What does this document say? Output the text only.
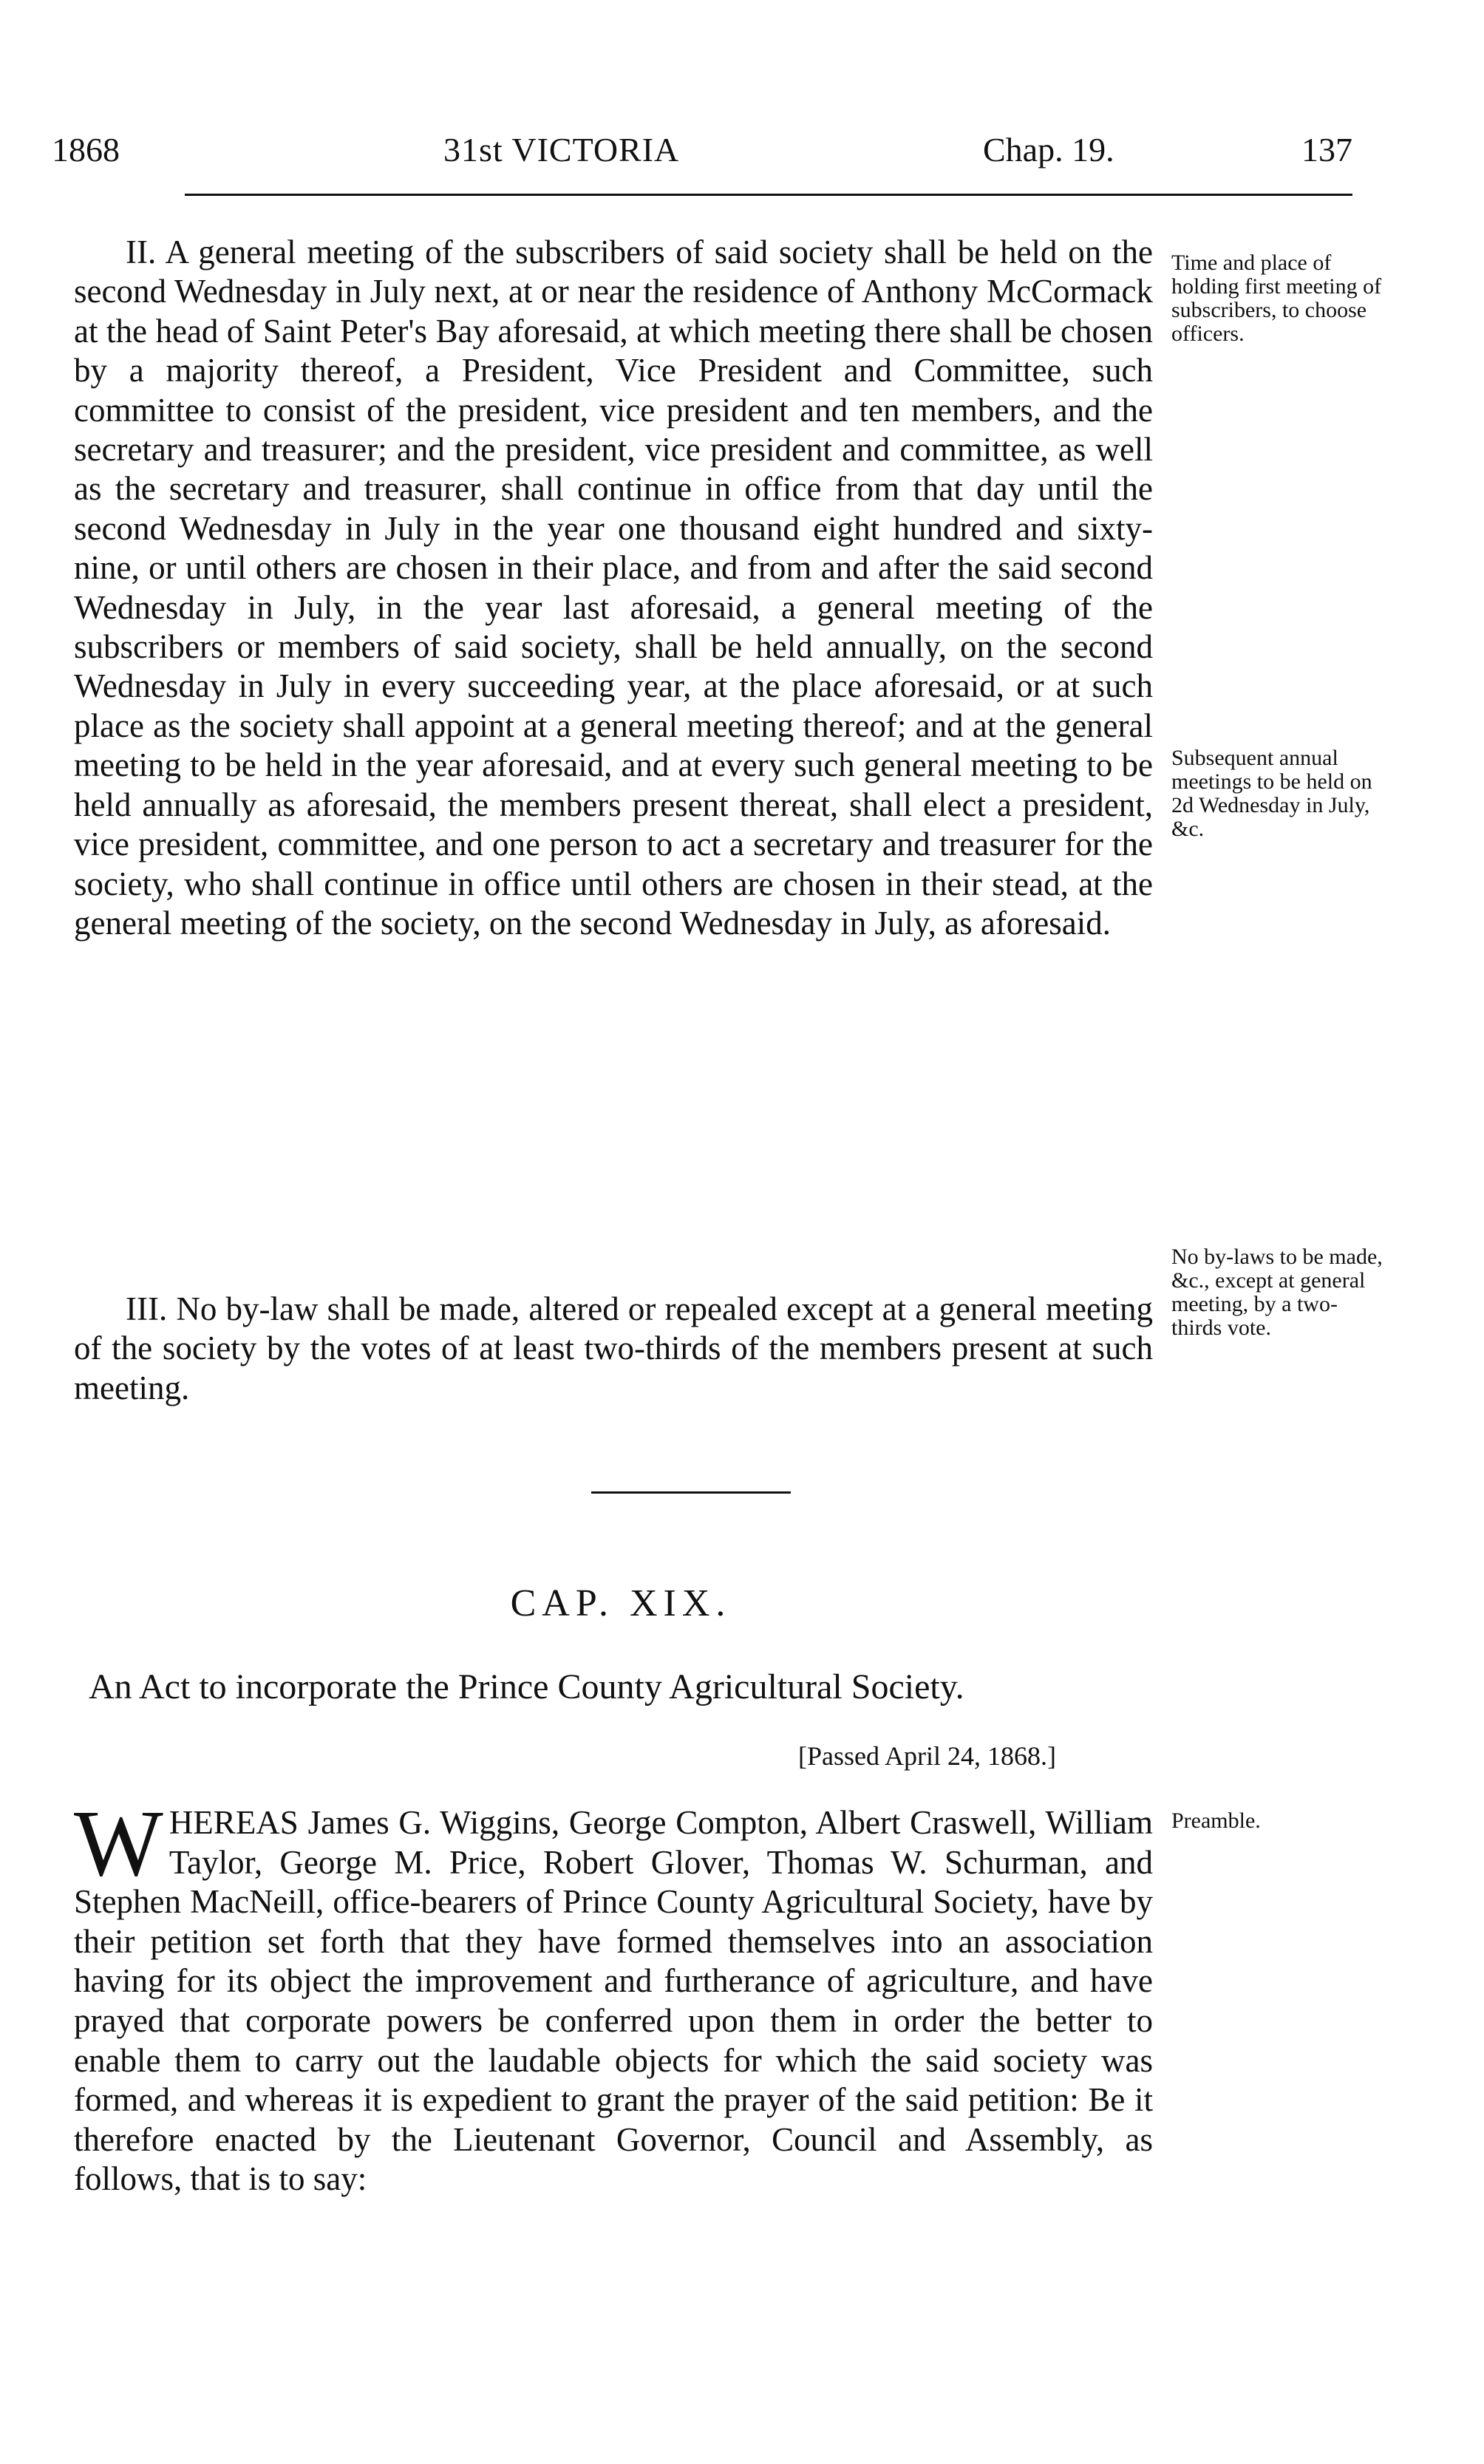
1868	31st VICTORIA	Chap. 19.	137

II. A general meeting of the subscribers of said society shall be held on the second Wednesday in July next, at or near the residence of Anthony McCormack at the head of Saint Peter's Bay aforesaid, at which meeting there shall be chosen by a majority thereof, a President, Vice President and Committee, such committee to consist of the president, vice president and ten members, and the secretary and treasurer; and the president, vice president and committee, as well as the secretary and treasurer, shall continue in office from that day until the second Wednesday in July in the year one thousand eight hundred and sixty-nine, or until others are chosen in their place, and from and after the said second Wednesday in July, in the year last aforesaid, a general meeting of the subscribers or members of said society, shall be held annually, on the second Wednesday in July in every succeeding year, at the place aforesaid, or at such place as the society shall appoint at a general meeting thereof; and at the general meeting to be held in the year aforesaid, and at every such general meeting to be held annually as aforesaid, the members present thereat, shall elect a president, vice president, committee, and one person to act a secretary and treasurer for the society, who shall continue in office until others are chosen in their stead, at the general meeting of the society, on the second Wednesday in July, as aforesaid.

Time and place of holding first meeting of subscribers, to choose officers.
Subsequent annual meetings to be held on 2d Wednesday in July, &c.
No by-laws to be made, &c., except at general meeting, by a two-thirds vote.

III. No by-law shall be made, altered or repealed except at a general meeting of the society by the votes of at least two-thirds of the members present at such meeting.

CAP. XIX.
An Act to incorporate the Prince County Agricultural Society.
[Passed April 24, 1868.]
Preamble.

WHEREAS James G. Wiggins, George Compton, Albert Craswell, William Taylor, George M. Price, Robert Glover, Thomas W. Schurman, and Stephen MacNeill, office-bearers of Prince County Agricultural Society, have by their petition set forth that they have formed themselves into an association having for its object the improvement and furtherance of agriculture, and have prayed that corporate powers be conferred upon them in order the better to enable them to carry out the laudable objects for which the said society was formed, and whereas it is expedient to grant the prayer of the said petition: Be it therefore enacted by the Lieutenant Governor, Council and Assembly, as follows, that is to say:
